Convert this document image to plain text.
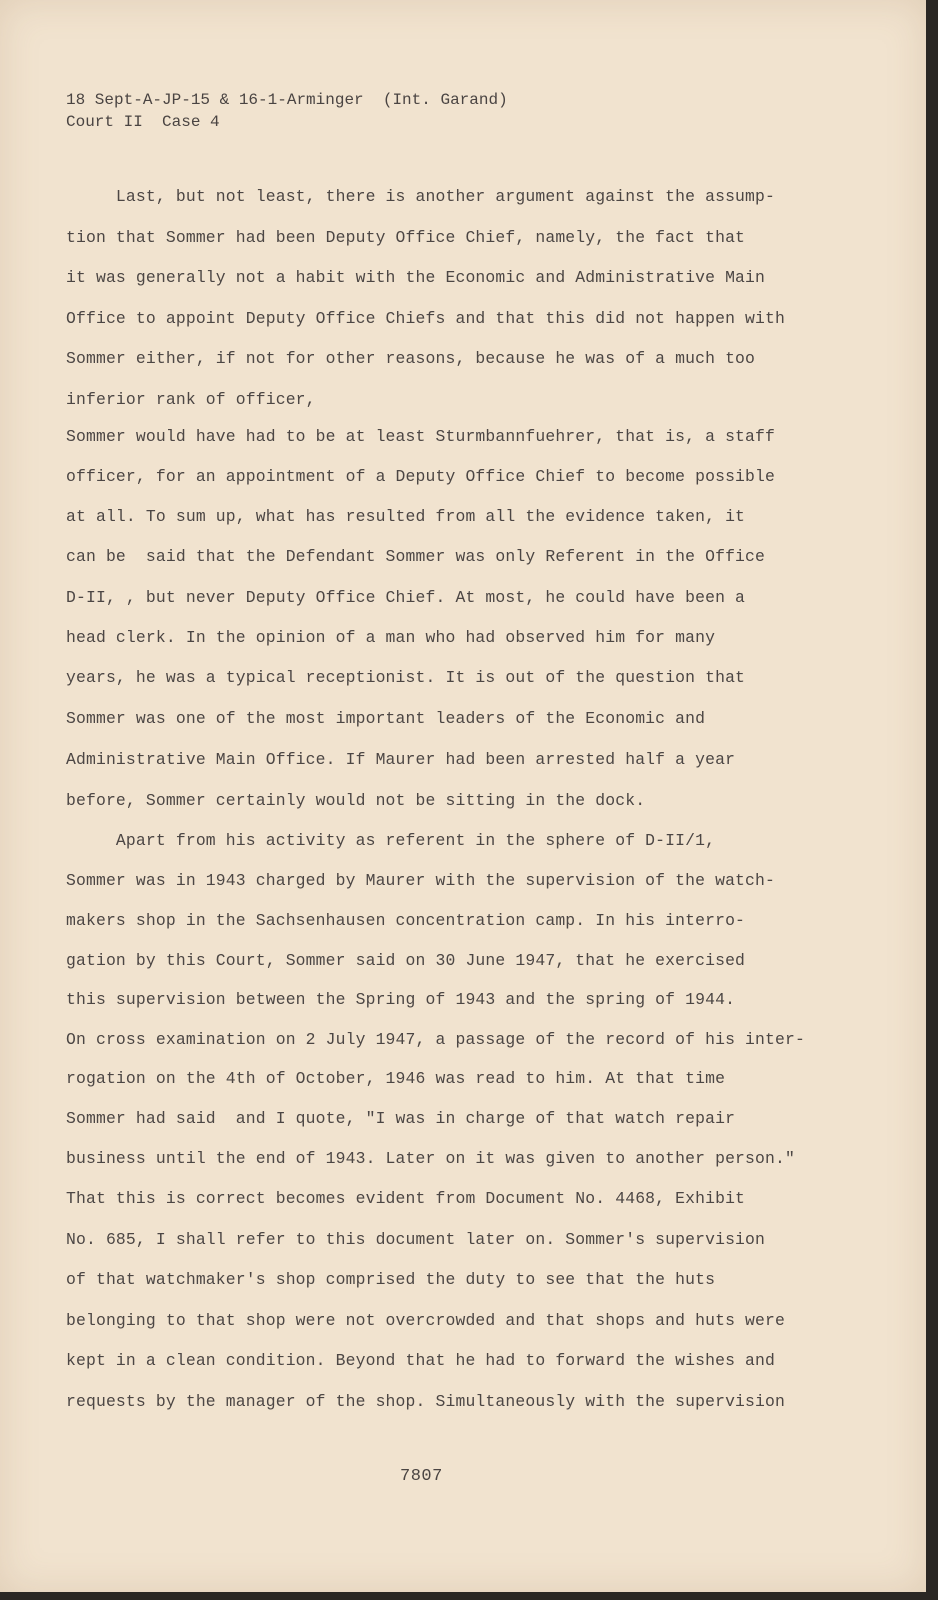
18 Sept-A-JP-15 & 16-1-Arminger  (Int. Garand)
Court II  Case 4
Last, but not least, there is another argument against the assump-
tion that Sommer had been Deputy Office Chief, namely, the fact that
it was generally not a habit with the Economic and Administrative Main
Office to appoint Deputy Office Chiefs and that this did not happen with
Sommer either, if not for other reasons, because he was of a much too
inferior rank of officer,
Sommer would have had to be at least Sturmbannfuehrer, that is, a staff
officer, for an appointment of a Deputy Office Chief to become possible
at all. To sum up, what has resulted from all the evidence taken, it
can be  said that the Defendant Sommer was only Referent in the Office
D-II, , but never Deputy Office Chief. At most, he could have been a
head clerk. In the opinion of a man who had observed him for many
years, he was a typical receptionist. It is out of the question that
Sommer was one of the most important leaders of the Economic and
Administrative Main Office. If Maurer had been arrested half a year
before, Sommer certainly would not be sitting in the dock.
Apart from his activity as referent in the sphere of D-II/1,
Sommer was in 1943 charged by Maurer with the supervision of the watch-
makers shop in the Sachsenhausen concentration camp. In his interro-
gation by this Court, Sommer said on 30 June 1947, that he exercised
this supervision between the Spring of 1943 and the spring of 1944.
On cross examination on 2 July 1947, a passage of the record of his inter-
rogation on the 4th of October, 1946 was read to him. At that time
Sommer had said  and I quote, "I was in charge of that watch repair
business until the end of 1943. Later on it was given to another person."
That this is correct becomes evident from Document No. 4468, Exhibit
No. 685, I shall refer to this document later on. Sommer's supervision
of that watchmaker's shop comprised the duty to see that the huts
belonging to that shop were not overcrowded and that shops and huts were
kept in a clean condition. Beyond that he had to forward the wishes and
requests by the manager of the shop. Simultaneously with the supervision
7807
